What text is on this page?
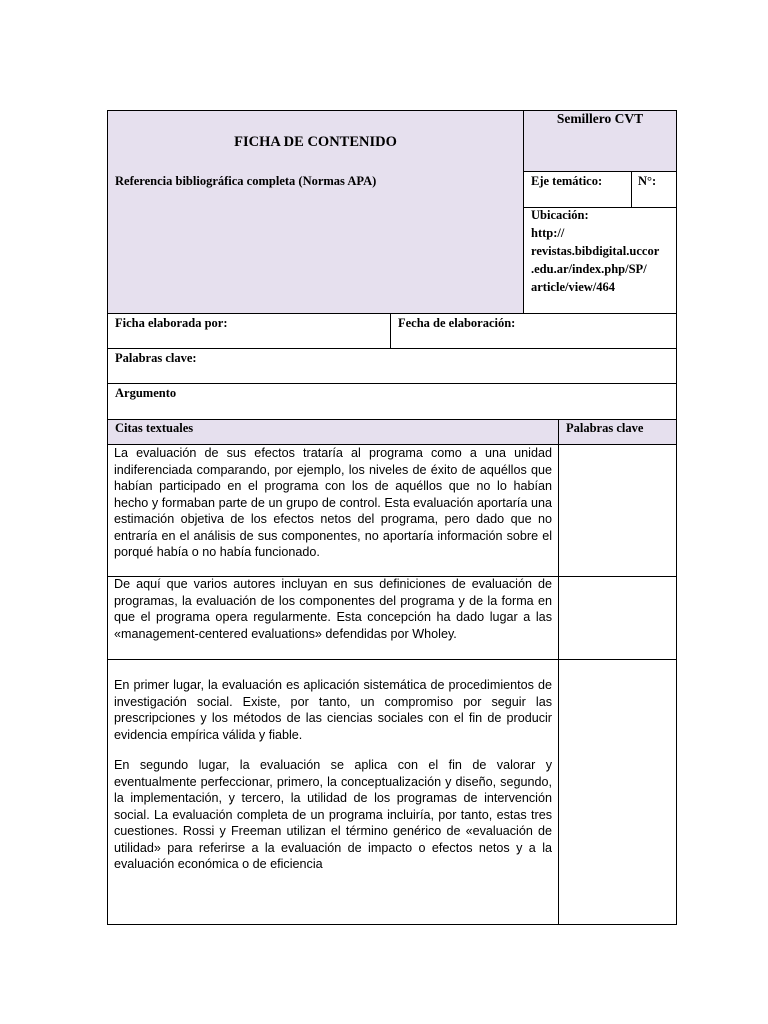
FICHA DE CONTENIDO
Semillero CVT
Referencia bibliográfica completa (Normas APA)	Eje temático:	N°:
Ubicación:
http://
revistas.bibdigital.uccor
.edu.ar/index.php/SP/
article/view/464
Ficha elaborada por:	Fecha de elaboración:
Palabras clave:
Argumento
Citas textuales	Palabras clave

La evaluación de sus efectos trataría al programa como a una unidad indiferenciada comparando, por ejemplo, los niveles de éxito de aquéllos que habían participado en el programa con los de aquéllos que no lo habían hecho y formaban parte de un grupo de control. Esta evaluación aportaría una estimación objetiva de los efectos netos del programa, pero dado que no entraría en el análisis de sus componentes, no aportaría información sobre el porqué había o no había funcionado.

De aquí que varios autores incluyan en sus definiciones de evaluación de programas, la evaluación de los componentes del programa y de la forma en que el programa opera regularmente. Esta concepción ha dado lugar a las «management-centered evaluations» defendidas por Wholey.

En primer lugar, la evaluación es aplicación sistemática de procedimientos de investigación social. Existe, por tanto, un compromiso por seguir las prescripciones y los métodos de las ciencias sociales con el fin de producir evidencia empírica válida y fiable.

En segundo lugar, la evaluación se aplica con el fin de valorar y eventualmente perfeccionar, primero, la conceptualización y diseño, segundo, la implementación, y tercero, la utilidad de los programas de intervención social. La evaluación completa de un programa incluiría, por tanto, estas tres cuestiones. Rossi y Freeman utilizan el término genérico de «evaluación de utilidad» para referirse a la evaluación de impacto o efectos netos y a la evaluación económica o de eficiencia
